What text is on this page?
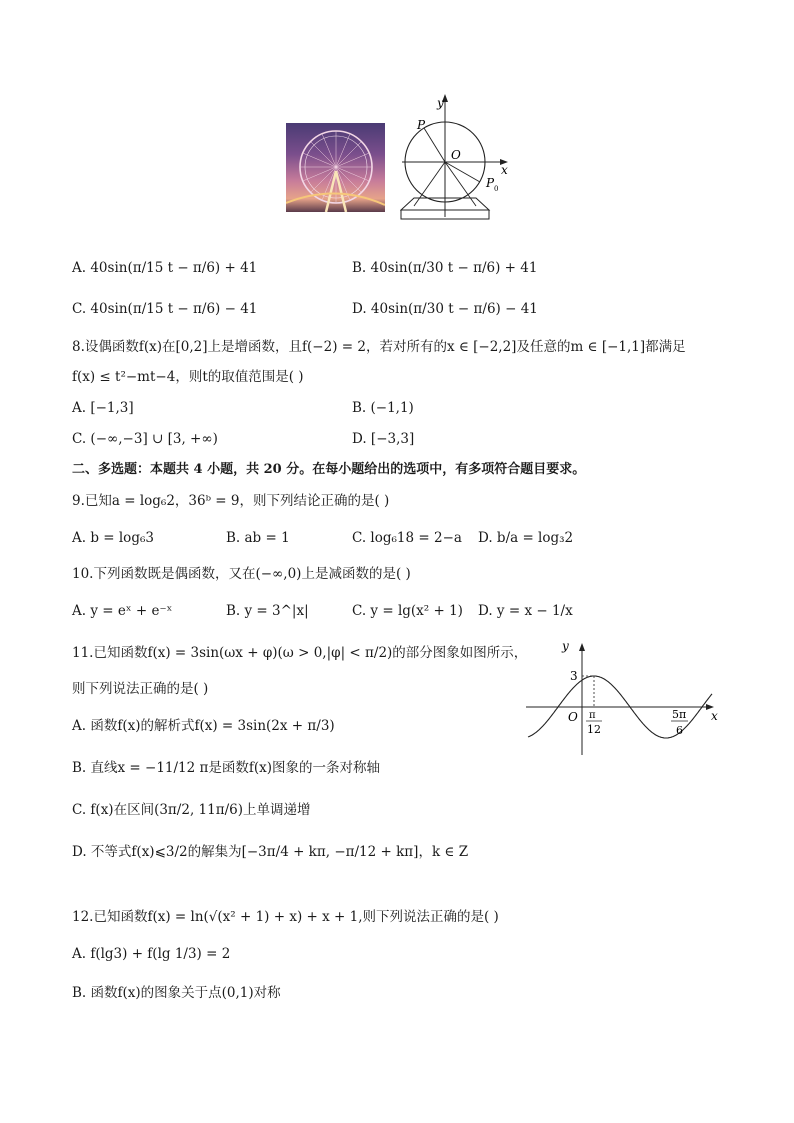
y
x
O
P
P 0
A. 40sin(π/15 t − π/6) + 41	B. 40sin(π/30 t − π/6) + 41
C. 40sin(π/15 t − π/6) − 41	D. 40sin(π/30 t − π/6) − 41
8.设偶函数f(x)在[0,2]上是增函数，且f(−2) = 2，若对所有的x ∈ [−2,2]及任意的m ∈ [−1,1]都满足
f(x) ≤ t²−mt−4，则t的取值范围是( )
A. [−1,3]	B. (−1,1)
C. (−∞,−3] ∪ [3, +∞)	D. [−3,3]
二、多选题：本题共 4 小题，共 20 分。在每小题给出的选项中，有多项符合题目要求。
9.已知a = log₆2，36ᵇ = 9，则下列结论正确的是( )
A. b = log₆3	B. ab = 1	C. log₆18 = 2−a D. b/a = log₃2
10.下列函数既是偶函数，又在(−∞,0)上是减函数的是( )
A. y = eˣ + e⁻ˣ	B. y = 3^|x|	C. y = lg(x² + 1) D. y = x − 1/x
11.已知函数f(x) = 3sin(ωx + φ)(ω > 0,|φ| < π/2)的部分图象如图所示，
则下列说法正确的是( )
A. 函数f(x)的解析式f(x) = 3sin(2x + π/3)
B. 直线x = −11/12 π是函数f(x)图象的一条对称轴
C. f(x)在区间(3π/2, 11π/6)上单调递增
D. 不等式f(x)⩽3/2的解集为[−3π/4 + kπ, −π/12 + kπ]，k ∈ Z
y
x
O
3
π
12
5π
6
12.已知函数f(x) = ln(√(x² + 1) + x) + x + 1,则下列说法正确的是( )
A. f(lg3) + f(lg 1/3) = 2
B. 函数f(x)的图象关于点(0,1)对称
